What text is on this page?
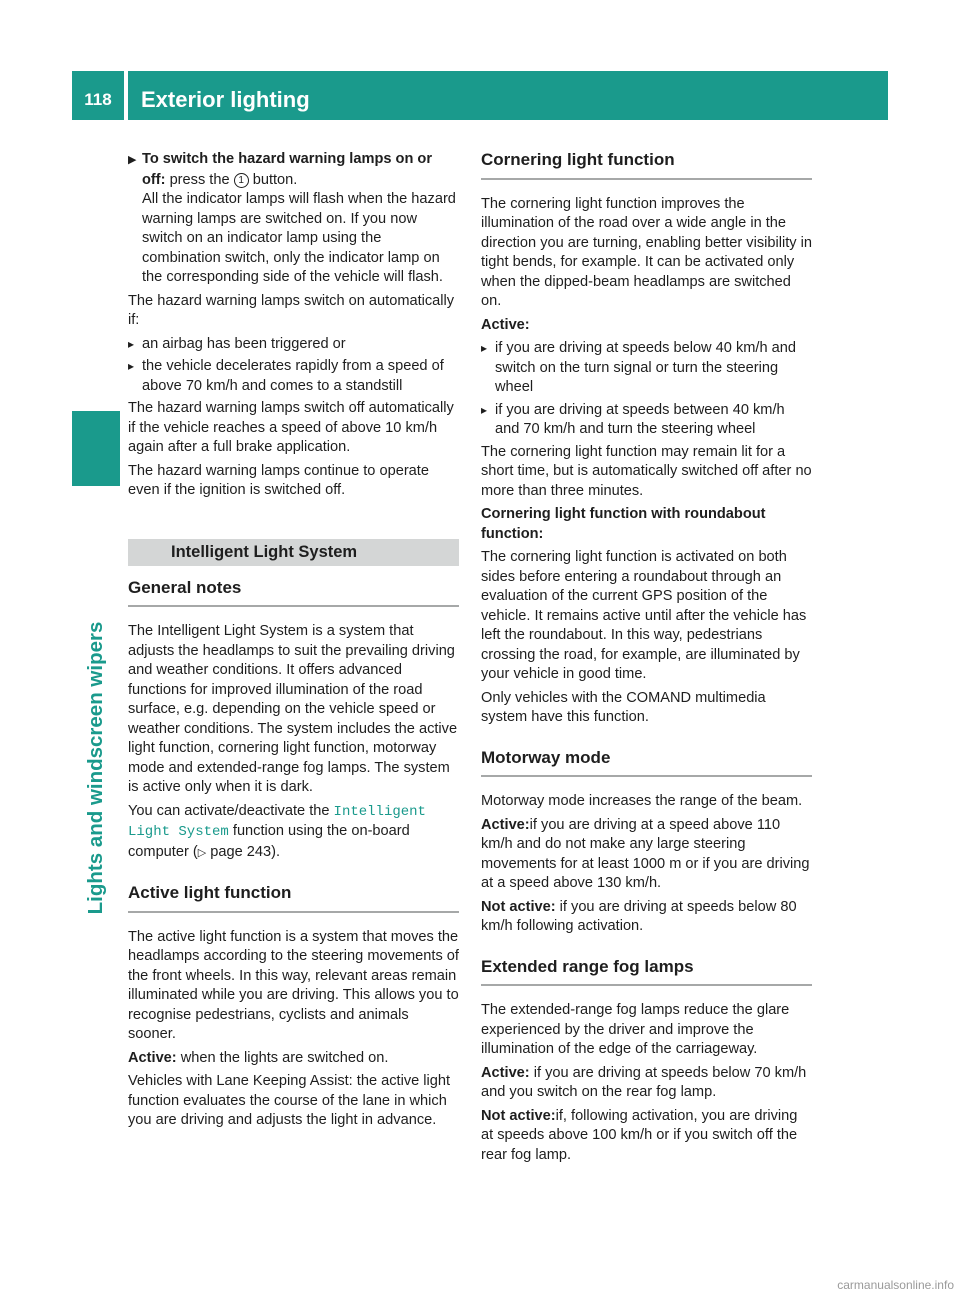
118	Exterior lighting
Lights and windscreen wipers

▶ To switch the hazard warning lamps on or off: press the 1 button.
All the indicator lamps will flash when the hazard warning lamps are switched on. If you now switch on an indicator lamp using the combination switch, only the indicator lamp on the corresponding side of the vehicle will flash.

The hazard warning lamps switch on automatically if:

▸ an airbag has been triggered or

▸ the vehicle decelerates rapidly from a speed of above 70 km/h and comes to a standstill

The hazard warning lamps switch off automatically if the vehicle reaches a speed of above 10 km/h again after a full brake application.

The hazard warning lamps continue to operate even if the ignition is switched off.

Intelligent Light System
General notes

The Intelligent Light System is a system that adjusts the headlamps to suit the prevailing driving and weather conditions. It offers advanced functions for improved illumination of the road surface, e.g. depending on the vehicle speed or weather conditions. The system includes the active light function, cornering light function, motorway mode and extended-range fog lamps. The system is active only when it is dark.

You can activate/deactivate the Intelligent Light System function using the on-board computer (▷ page 243).

Active light function

The active light function is a system that moves the headlamps according to the steering movements of the front wheels. In this way, relevant areas remain illuminated while you are driving. This allows you to recognise pedestrians, cyclists and animals sooner.

Active: when the lights are switched on.

Vehicles with Lane Keeping Assist: the active light function evaluates the course of the lane in which you are driving and adjusts the light in advance.

Cornering light function

The cornering light function improves the illumination of the road over a wide angle in the direction you are turning, enabling better visibility in tight bends, for example. It can be activated only when the dipped-beam headlamps are switched on.

Active:

▸ if you are driving at speeds below 40 km/h and switch on the turn signal or turn the steering wheel

▸ if you are driving at speeds between 40 km/h and 70 km/h and turn the steering wheel

The cornering light function may remain lit for a short time, but is automatically switched off after no more than three minutes.

Cornering light function with roundabout function:

The cornering light function is activated on both sides before entering a roundabout through an evaluation of the current GPS position of the vehicle. It remains active until after the vehicle has left the roundabout. In this way, pedestrians crossing the road, for example, are illuminated by your vehicle in good time.

Only vehicles with the COMAND multimedia system have this function.

Motorway mode

Motorway mode increases the range of the beam.

Active:if you are driving at a speed above 110 km/h and do not make any large steering movements for at least 1000 m or if you are driving at a speed above 130 km/h.

Not active: if you are driving at speeds below 80 km/h following activation.

Extended range fog lamps

The extended-range fog lamps reduce the glare experienced by the driver and improve the illumination of the edge of the carriageway.

Active: if you are driving at speeds below 70 km/h and you switch on the rear fog lamp.

Not active:if, following activation, you are driving at speeds above 100 km/h or if you switch off the rear fog lamp.

carmanualsonline.info
